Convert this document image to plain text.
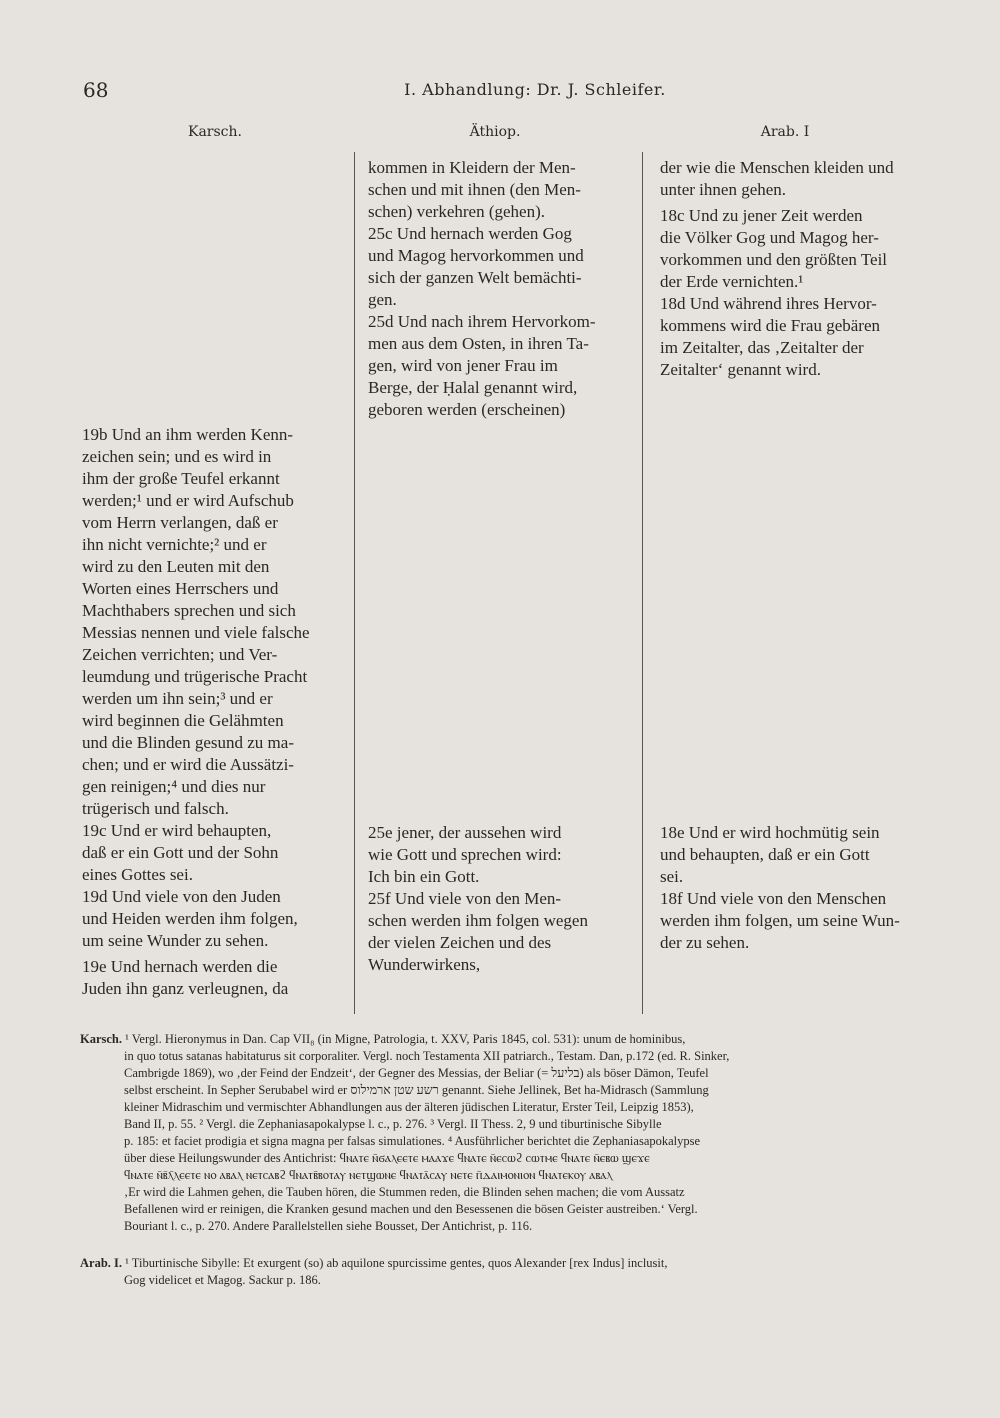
68	I. Abhandlung: Dr. J. Schleifer.
Karsch.	Äthiop.	Arab. I

kommen in Kleidern der Men-

schen und mit ihnen (den Men-

schen) verkehren (gehen).

25c Und hernach werden Gog

und Magog hervorkommen und

sich der ganzen Welt bemächti-

gen.

25d Und nach ihrem Hervorkom-

men aus dem Osten, in ihren Ta-

gen, wird von jener Frau im

Berge, der Ḥalal genannt wird,

geboren werden (erscheinen)

der wie die Menschen kleiden und

unter ihnen gehen.

18c Und zu jener Zeit werden

die Völker Gog und Magog her-

vorkommen und den größten Teil

der Erde vernichten.¹

18d Und während ihres Hervor-

kommens wird die Frau gebären

im Zeitalter, das ‚Zeitalter der

Zeitalter‘ genannt wird.

19b Und an ihm werden Kenn-

zeichen sein; und es wird in

ihm der große Teufel erkannt

werden;¹ und er wird Aufschub

vom Herrn verlangen, daß er

ihn nicht vernichte;² und er

wird zu den Leuten mit den

Worten eines Herrschers und

Machthabers sprechen und sich

Messias nennen und viele falsche

Zeichen verrichten; und Ver-

leumdung und trügerische Pracht

werden um ihn sein;³ und er

wird beginnen die Gelähmten

und die Blinden gesund zu ma-

chen; und er wird die Aussätzi-

gen reinigen;⁴ und dies nur

trügerisch und falsch.

19c Und er wird behaupten,

daß er ein Gott und der Sohn

eines Gottes sei.

19d Und viele von den Juden

und Heiden werden ihm folgen,

um seine Wunder zu sehen.

19e Und hernach werden die

Juden ihn ganz verleugnen, da

25e jener, der aussehen wird

wie Gott und sprechen wird:

Ich bin ein Gott.

25f Und viele von den Men-

schen werden ihm folgen wegen

der vielen Zeichen und des

Wunderwirkens,

18e Und er wird hochmütig sein

und behaupten, daß er ein Gott

sei.

18f Und viele von den Menschen

werden ihm folgen, um seine Wun-

der zu sehen.

Karsch. ¹ Vergl. Hieronymus in Dan. Cap VII₈ (in Migne, Patrologia, t. XXV, Paris 1845, col. 531): unum de hominibus,

in quo totus satanas habitaturus sit corporaliter. Vergl. noch Testamenta XII patriarch., Testam. Dan, p.172 (ed. R. Sinker,

Cambrigde 1869), wo ‚der Feind der Endzeit‘, der Gegner des Messias, der Beliar (= בליעל) als böser Dämon, Teufel

selbst erscheint. In Sepher Serubabel wird er רשע שטן ארמילוס genannt. Siehe Jellinek, Bet ha-Midrasch (Sammlung

kleiner Midraschim und vermischter Abhandlungen aus der älteren jüdischen Literatur, Erster Teil, Leipzig 1853),

Band II, p. 55. ² Vergl. die Zephaniasapokalypse l. c., p. 276. ³ Vergl. II Thess. 2, 9 und tiburtinische Sibylle

p. 185: et faciet prodigia et signa magna per falsas simulationes. ⁴ Ausführlicher berichtet die Zephaniasapokalypse

über diese Heilungswunder des Antichrist: ϥⲛⲁⲧⲉ ⲛ̄ϭⲁⲗⲉⲉⲧⲉ ⲙⲁⲁϫⲉ ϥⲛⲁⲧⲉ ⲛ̄ⲉⲥⲱϩ ⲥⲱⲧⲙⲉ ϥⲛⲁⲧⲉ ⲛ̄ⲉⲃⲱ ϣⲉϫⲉ

ϥⲛⲁⲧⲉ ⲛ̄ⲃ̄ⲗ̄ⲗⲉⲉⲧⲉ ⲛⲟ ⲁⲃⲁⲗ ⲛⲉⲧⲥⲁⲃϩ ϥⲛⲁⲧⲃ̄ⲃⲟⲧⲁⲩ ⲛⲉⲧϣⲱⲛⲉ ϥⲛⲁⲧⲁ̄ⲥⲁⲩ ⲛⲉⲧⲉ ⲡ̄ⲇⲁⲓⲙⲟⲛⲓⲟⲛ ϥⲛⲁⲧⲉⲕⲟⲩ ⲁⲃⲁⲗ

‚Er wird die Lahmen gehen, die Tauben hören, die Stummen reden, die Blinden sehen machen; die vom Aussatz

Befallenen wird er reinigen, die Kranken gesund machen und den Besessenen die bösen Geister austreiben.‘ Vergl.

Bouriant l. c., p. 270. Andere Parallelstellen siehe Bousset, Der Antichrist, p. 116.

Arab. I. ¹ Tiburtinische Sibylle: Et exurgent (so) ab aquilone spurcissime gentes, quos Alexander [rex Indus] inclusit,

Gog videlicet et Magog. Sackur p. 186.
